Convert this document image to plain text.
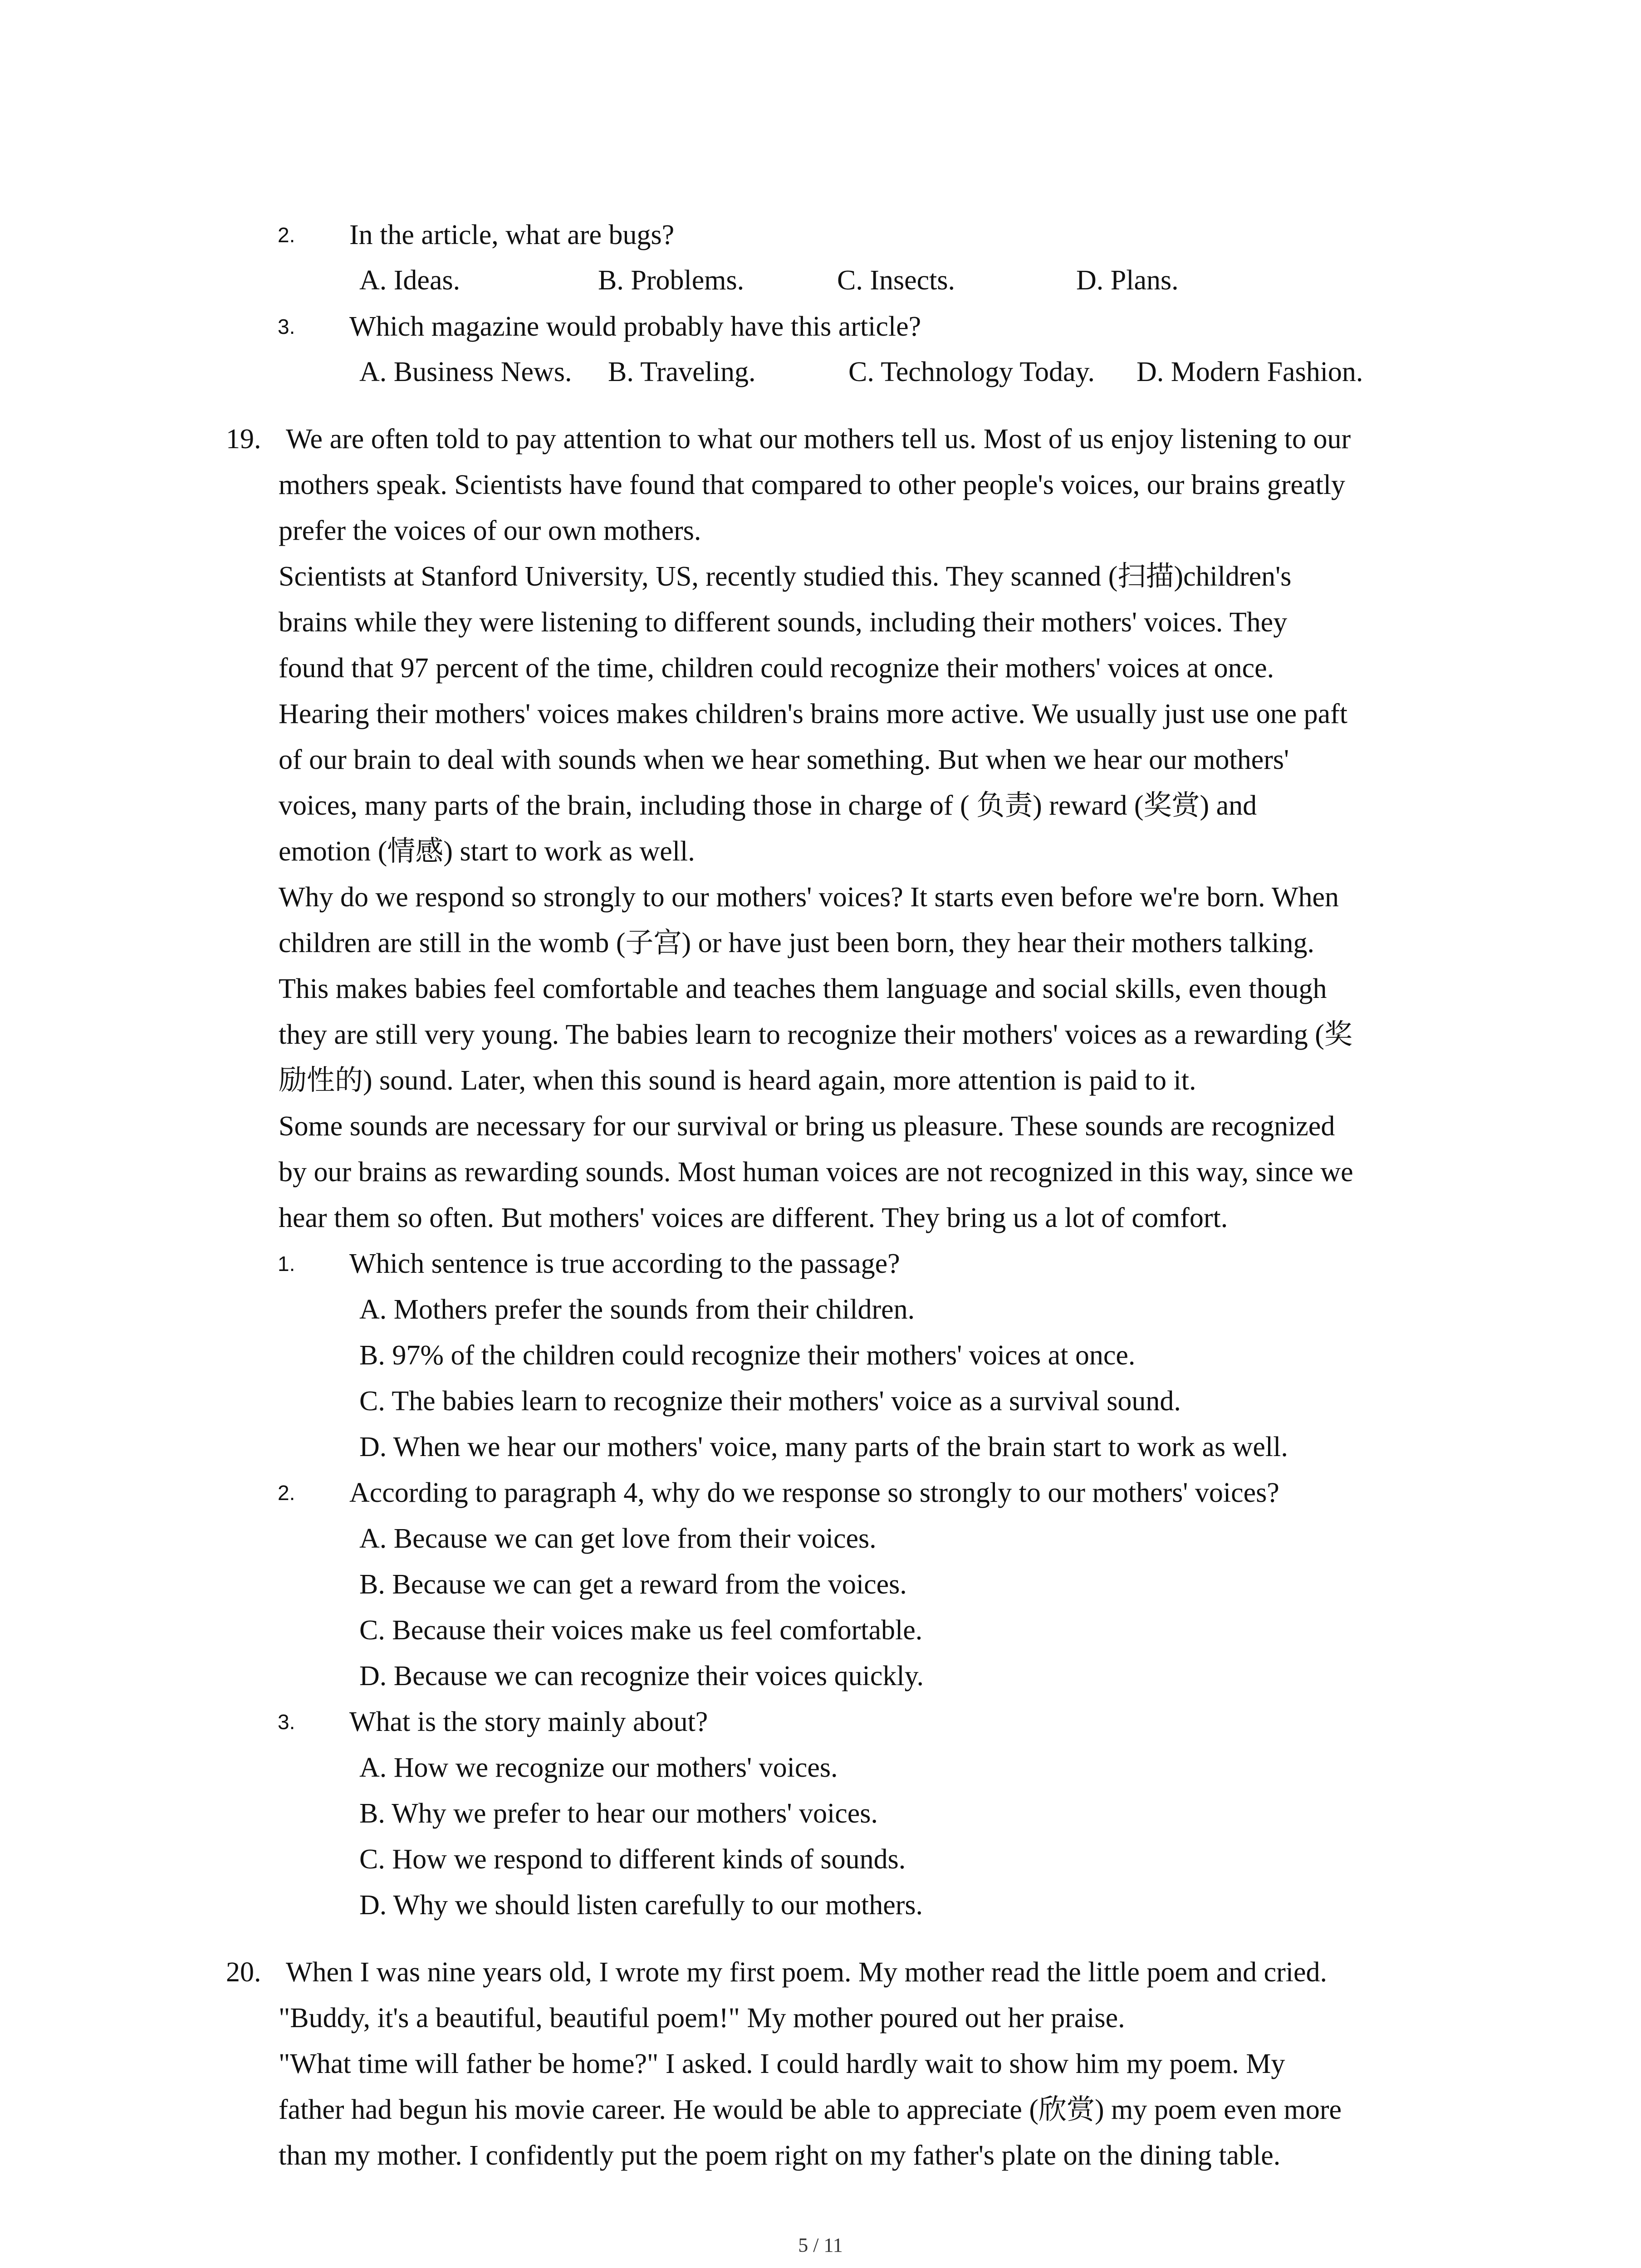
2. In the article, what are bugs?
A. Ideas.	B. Problems.	C. Insects.	D. Plans.
3. Which magazine would probably have this article?
A. Business News. B. Traveling.	C. Technology Today. D. Modern Fashion.
19. We are often told to pay attention to what our mothers tell us. Most of us enjoy listening to our
mothers speak. Scientists have found that compared to other people's voices, our brains greatly
prefer the voices of our own mothers.
Scientists at Stanford University, US, recently studied this. They scanned (扫描)children's
brains while they were listening to different sounds, including their mothers' voices. They
found that 97 percent of the time, children could recognize their mothers' voices at once.
Hearing their mothers' voices makes children's brains more active. We usually just use one paft
of our brain to deal with sounds when we hear something. But when we hear our mothers'
voices, many parts of the brain, including those in charge of ( 负责) reward (奖赏) and
emotion (情感) start to work as well.
Why do we respond so strongly to our mothers' voices? It starts even before we're born. When
children are still in the womb (子宫) or have just been born, they hear their mothers talking.
This makes babies feel comfortable and teaches them language and social skills, even though
they are still very young. The babies learn to recognize their mothers' voices as a rewarding (奖
励性的) sound. Later, when this sound is heard again, more attention is paid to it.
Some sounds are necessary for our survival or bring us pleasure. These sounds are recognized
by our brains as rewarding sounds. Most human voices are not recognized in this way, since we
hear them so often. But mothers' voices are different. They bring us a lot of comfort.
1. Which sentence is true according to the passage?
A. Mothers prefer the sounds from their children.
B. 97% of the children could recognize their mothers' voices at once.
C. The babies learn to recognize their mothers' voice as a survival sound.
D. When we hear our mothers' voice, many parts of the brain start to work as well.
2. According to paragraph 4, why do we response so strongly to our mothers' voices?
A. Because we can get love from their voices.
B. Because we can get a reward from the voices.
C. Because their voices make us feel comfortable.
D. Because we can recognize their voices quickly.
3. What is the story mainly about?
A. How we recognize our mothers' voices.
B. Why we prefer to hear our mothers' voices.
C. How we respond to different kinds of sounds.
D. Why we should listen carefully to our mothers.
20. When I was nine years old, I wrote my first poem. My mother read the little poem and cried.
"Buddy, it's a beautiful, beautiful poem!" My mother poured out her praise.
"What time will father be home?" I asked. I could hardly wait to show him my poem. My
father had begun his movie career. He would be able to appreciate (欣赏) my poem even more
than my mother. I confidently put the poem right on my father's plate on the dining table.
5 / 11
